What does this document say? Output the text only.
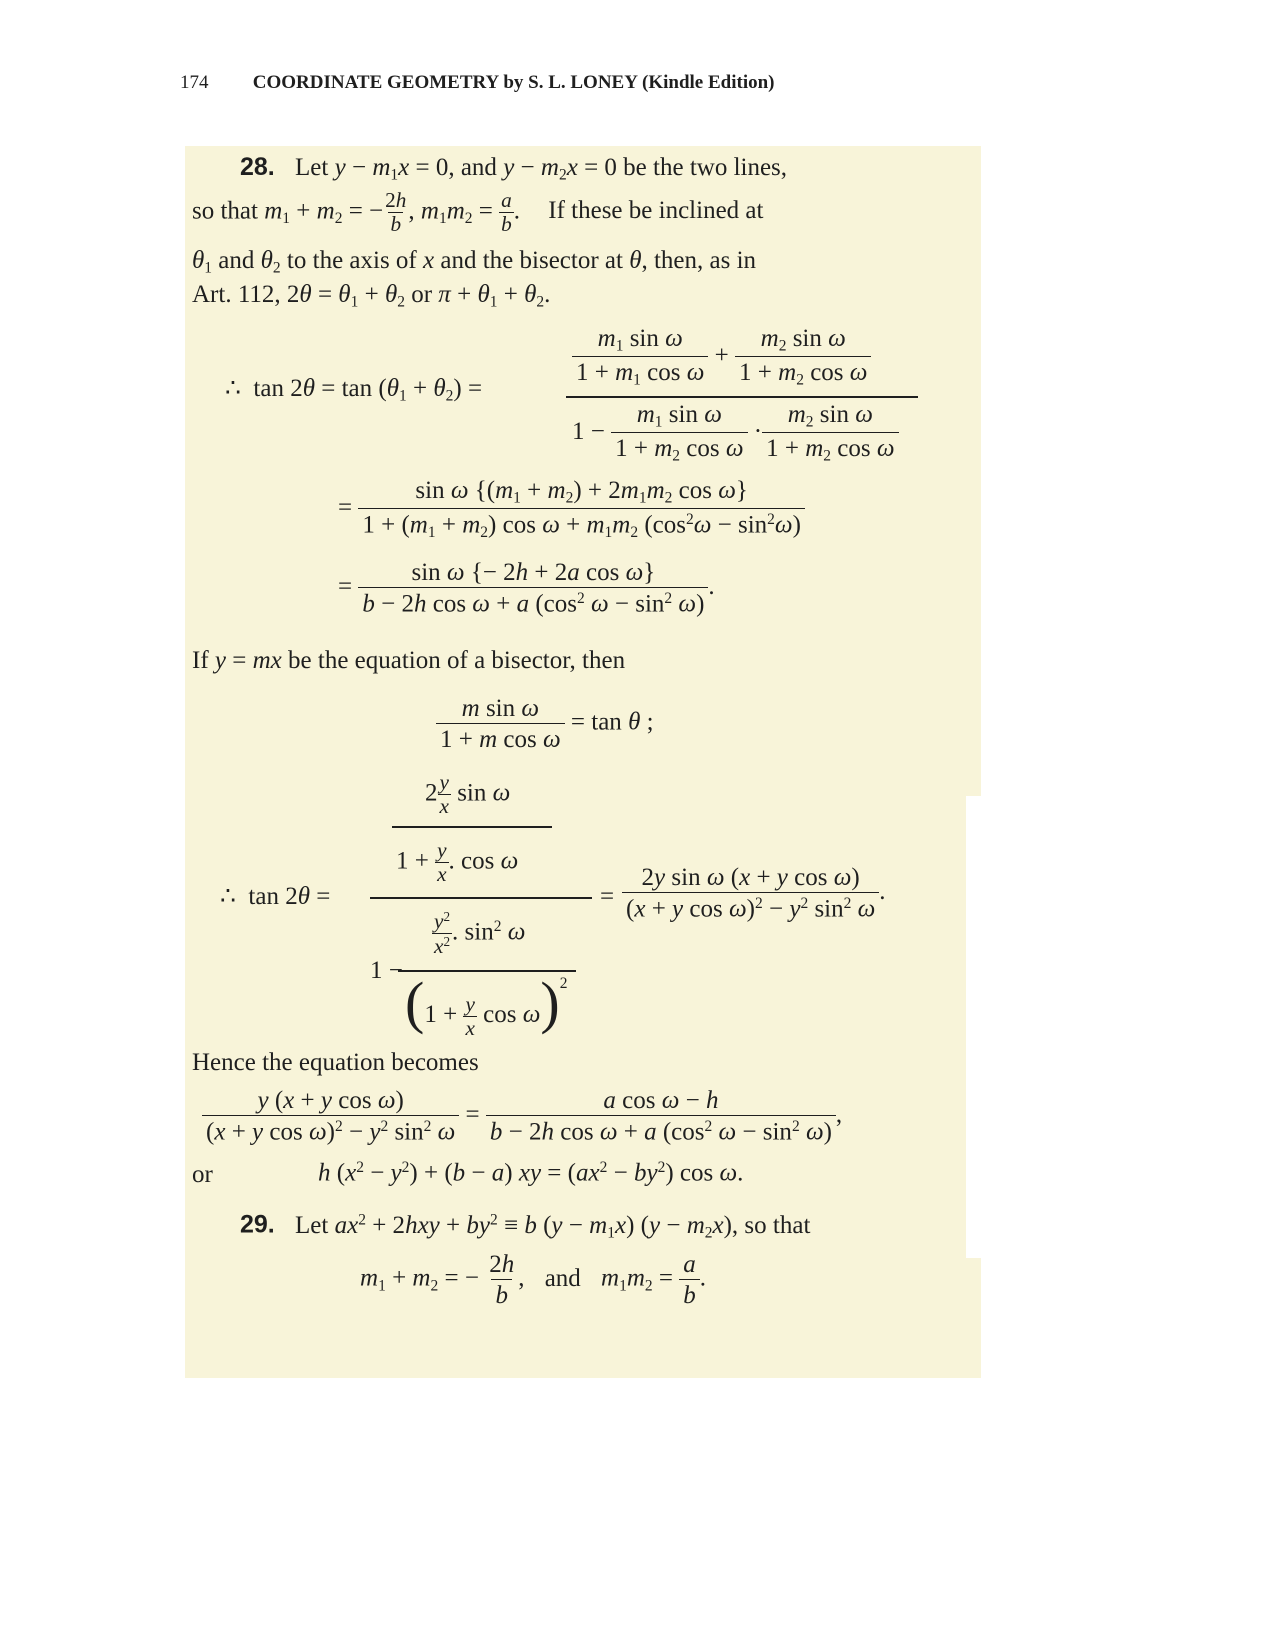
174 COORDINATE GEOMETRY by S. L. LONEY (Kindle Edition)
28. Let $y - m_1x = 0$, and $y - m_2x = 0$ be the two lines,
so that $m_1 + m_2$ = − $\frac{2h}{b}$ , $m_1m_2 = \frac{a}{b}$ . If these be inclined at
$\theta_1$ and $\theta_2$ to the axis of x and the bisector at θ, then, as in
Art. 112, $2\theta = \theta_1 + \theta_2$ or $\pi + \theta_1 + \theta_2$.
∴  $\tan 2\theta = \tan (\theta_1 + \theta_2)$ =
$\frac{m_1 \sin \omega}{1 + m_1 \cos \omega} + \frac{m_2 \sin \omega}{1 + m_2 \cos \omega}$
$1 - \frac{m_1 \sin \omega}{1 + m_2 \cos \omega} \cdot \frac{m_2 \sin \omega}{1 + m_2 \cos \omega}$
= $\frac{\sin \omega \{(m_1 + m_2) + 2m_1m_2 \cos \omega\}}{1 + (m_1 + m_2) \cos \omega + m_1m_2 (\cos^2\omega - \sin^2\omega)}$
= $\frac{\text{sin ω \{− 2h + 2a cos ω\}}}{b - 2h \cos \omega + a (\cos^2 \omega - \sin^2 \omega)}$ .
If y = mx be the equation of a bisector, then
$\frac{\text{m sin ω}}{\text{1 + m cos ω}} = \tan \theta$ ;
$2 \frac{y}{x}$ sin ω
$1 + \frac{y}{x}$ . cos ω
∴  tan 2θ =	=
$\frac{y^2}{x^2}$ . $\sin^2 \omega$
$1 - (1 + \frac{y}{x}$ $\cos \omega)^2$
$\frac{\text{2y sin ω (x + y cos ω)}}{(x + y \cos \omega)^2 - y^2 \sin^2 \omega}$ .
Hence the equation becomes
$\frac{\text{y (x + y cos ω)}}{(x + y \cos \omega)^2 - y^2 \sin^2 \omega} = \frac{\text{a cos ω − h}}{b - 2h \cos \omega + a (\cos^2 \omega - \sin^2 \omega)}$ ,
or	h $(x^2 - y^2) + (b - a)$ xy = $(ax^2 - by^2)$ cos ω.
29. Let $ax^2 + 2hxy + by^2 \equiv b$ $(y - m_1x)$ $(y - m_2x)$, so that
$m_1 + m_2$ = − $\frac{2h}{b}$ , and $m_1m_2 = \frac{a}{b}$ .
